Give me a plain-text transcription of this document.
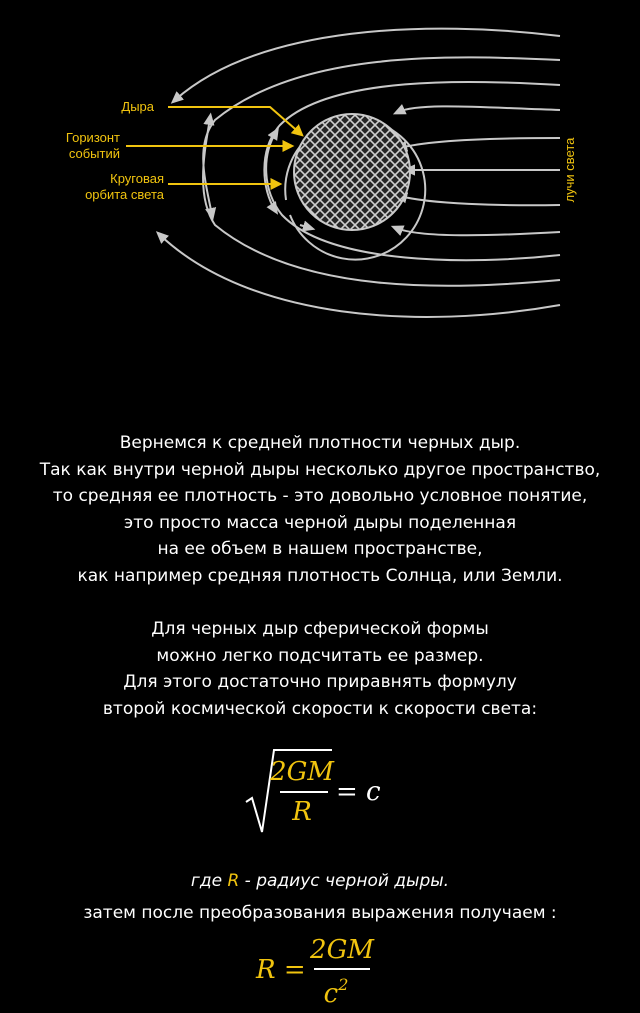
Дыра
Горизонт
событий
Круговая
орбита света	лучи света
Вернемся к средней плотности черных дыр.
Так как внутри черной дыры несколько другое пространство,
то средняя ее плотность - это довольно условное понятие,
это просто масса черной дыры поделенная
на ее объем в нашем пространстве,
как например средняя плотность Солнца, или Земли.
Для черных дыр сферической формы
можно легко подсчитать ее размер.
Для этого достаточно приравнять формулу
второй космической скорости к скорости света:
2GM
R
= c
где R - радиус черной дыры.
затем после преобразования выражения получаем :
R =
2GM
$c^2$
